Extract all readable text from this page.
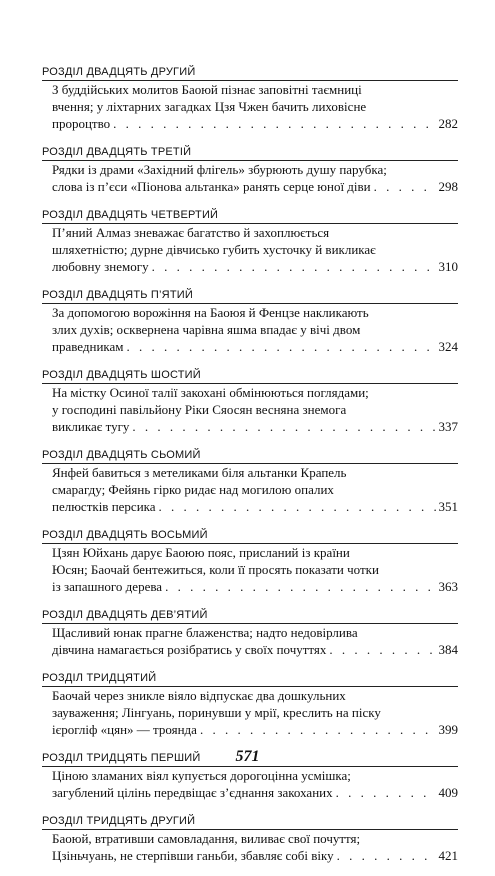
РОЗДІЛ ДВАДЦЯТЬ ДРУГИЙ
З буддійських молитов Баоюй пізнає заповітні таємниці
вчення; у ліхтарних загадках Цзя Чжен бачить лиховісне
пророцтво . . .	282
РОЗДІЛ ДВАДЦЯТЬ ТРЕТІЙ
Рядки із драми «Західний флігель» збурюють душу парубка;
слова із п’єси «Піонова альтанка» ранять серце юної діви . . .	298
РОЗДІЛ ДВАДЦЯТЬ ЧЕТВЕРТИЙ
П’яний Алмаз зневажає багатство й захоплюється
шляхетністю; дурне дівчисько губить хусточку й викликає
любовну знемогу . . .	310
РОЗДІЛ ДВАДЦЯТЬ П’ЯТИЙ
За допомогою ворожіння на Баоюя й Фенцзе накликають
злих духів; осквернена чарівна яшма впадає у вічі двом
праведникам . . .	324
РОЗДІЛ ДВАДЦЯТЬ ШОСТИЙ
На містку Осиної талії закохані обмінюються поглядами;
у господині павільйону Ріки Сяосян весняна знемога
викликає тугу . . .	337
РОЗДІЛ ДВАДЦЯТЬ СЬОМИЙ
Янфей бавиться з метеликами біля альтанки Крапель
смарагду; Фейянь гірко ридає над могилою опалих
пелюстків персика . . .	351
РОЗДІЛ ДВАДЦЯТЬ ВОСЬМИЙ
Цзян Юйхань дарує Баоюю пояс, присланий із країни
Юсян; Баочай бентежиться, коли її просять показати чотки
із запашного дерева . . .	363
РОЗДІЛ ДВАДЦЯТЬ ДЕВ’ЯТИЙ
Щасливий юнак прагне блаженства; надто недовірлива
дівчина намагається розібратись у своїх почуттях . . .	384
РОЗДІЛ ТРИДЦЯТИЙ
Баочай через зникле віяло відпускає два дошкульних
зауваження; Лінгуань, поринувши у мрії, креслить на піску
ієрогліф «цян» — троянда . . .	399
РОЗДІЛ ТРИДЦЯТЬ ПЕРШИЙ
Ціною зламаних віял купується дорогоцінна усмішка;
загублений цілінь передвіщає з’єднання закоханих . . .	409
РОЗДІЛ ТРИДЦЯТЬ ДРУГИЙ
Баоюй, втративши самовладання, виливає свої почуття;
Цзіньчуань, не стерпівши ганьби, збавляє собі віку . . .	421
571
